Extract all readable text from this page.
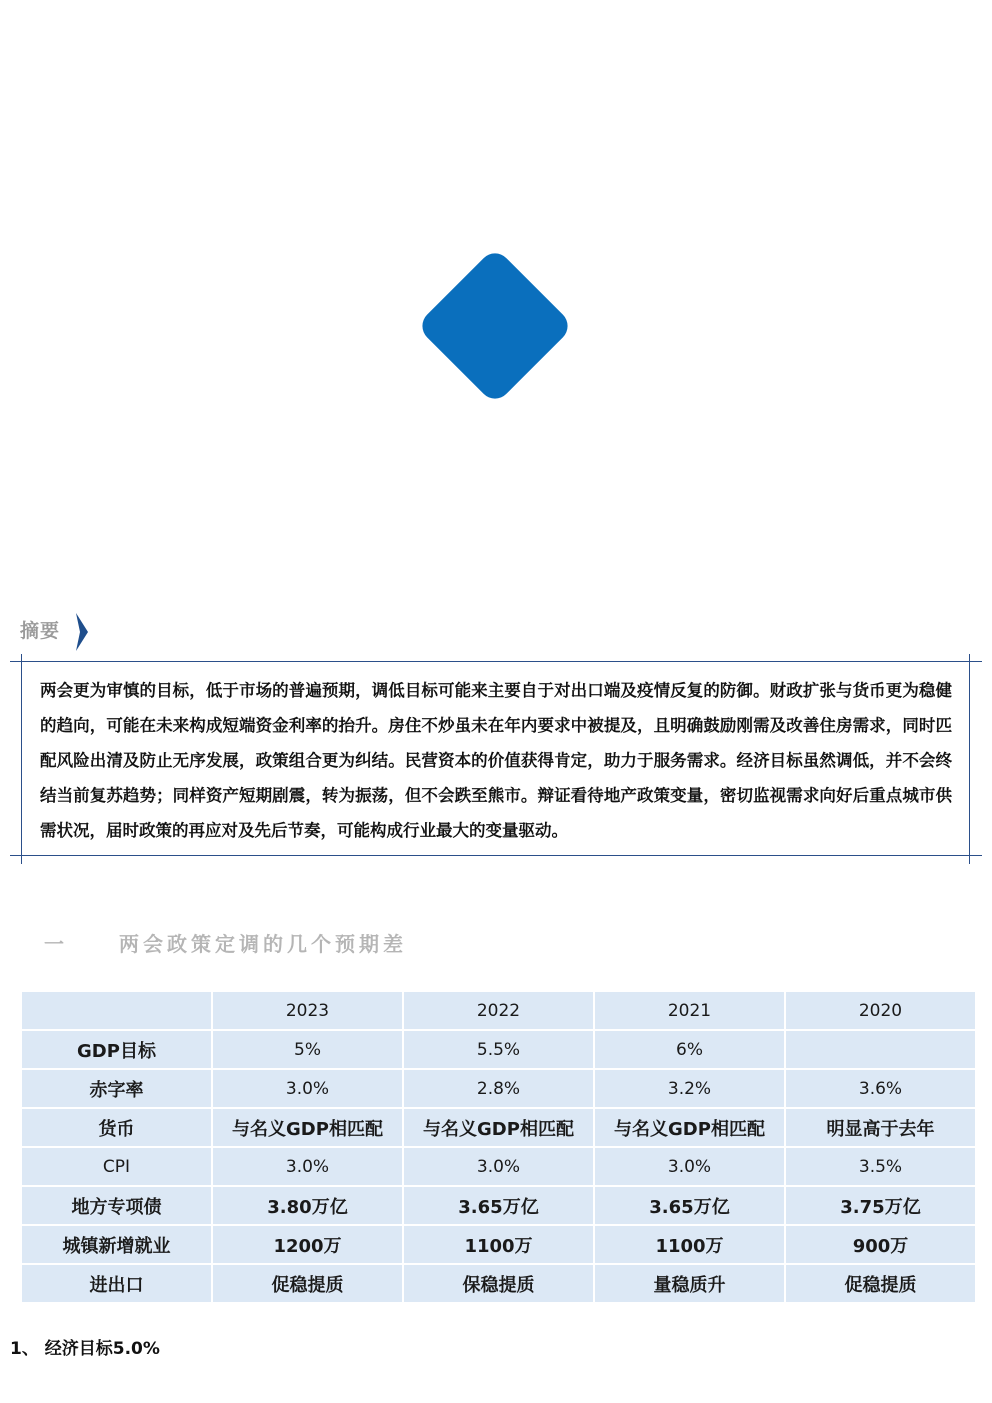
摘要
两会更为审慎的目标，低于市场的普遍预期，调低目标可能来主要自于对出口端及疫情反复的防御。财政扩张与货币更为稳健的趋向，可能在未来构成短端资金利率的抬升。房住不炒虽未在年内要求中被提及，且明确鼓励刚需及改善住房需求，同时匹配风险出清及防止无序发展，政策组合更为纠结。民营资本的价值获得肯定，助力于服务需求。经济目标虽然调低，并不会终结当前复苏趋势；同样资产短期剧震，转为振荡，但不会跌至熊市。辩证看待地产政策变量，密切监视需求向好后重点城市供需状况，届时政策的再应对及先后节奏，可能构成行业最大的变量驱动。
一	两会政策定调的几个预期差
	2023	2022	2021	2020
GDP目标	5%	5.5%	6%	
赤字率	3.0%	2.8%	3.2%	3.6%
货币	与名义GDP相匹配	与名义GDP相匹配	与名义GDP相匹配	明显高于去年
CPI	3.0%	3.0%	3.0%	3.5%
地方专项债	3.80万亿	3.65万亿	3.65万亿	3.75万亿
城镇新增就业	1200万	1100万	1100万	900万
进出口	促稳提质	保稳提质	量稳质升	促稳提质
1、 经济目标5.0%
